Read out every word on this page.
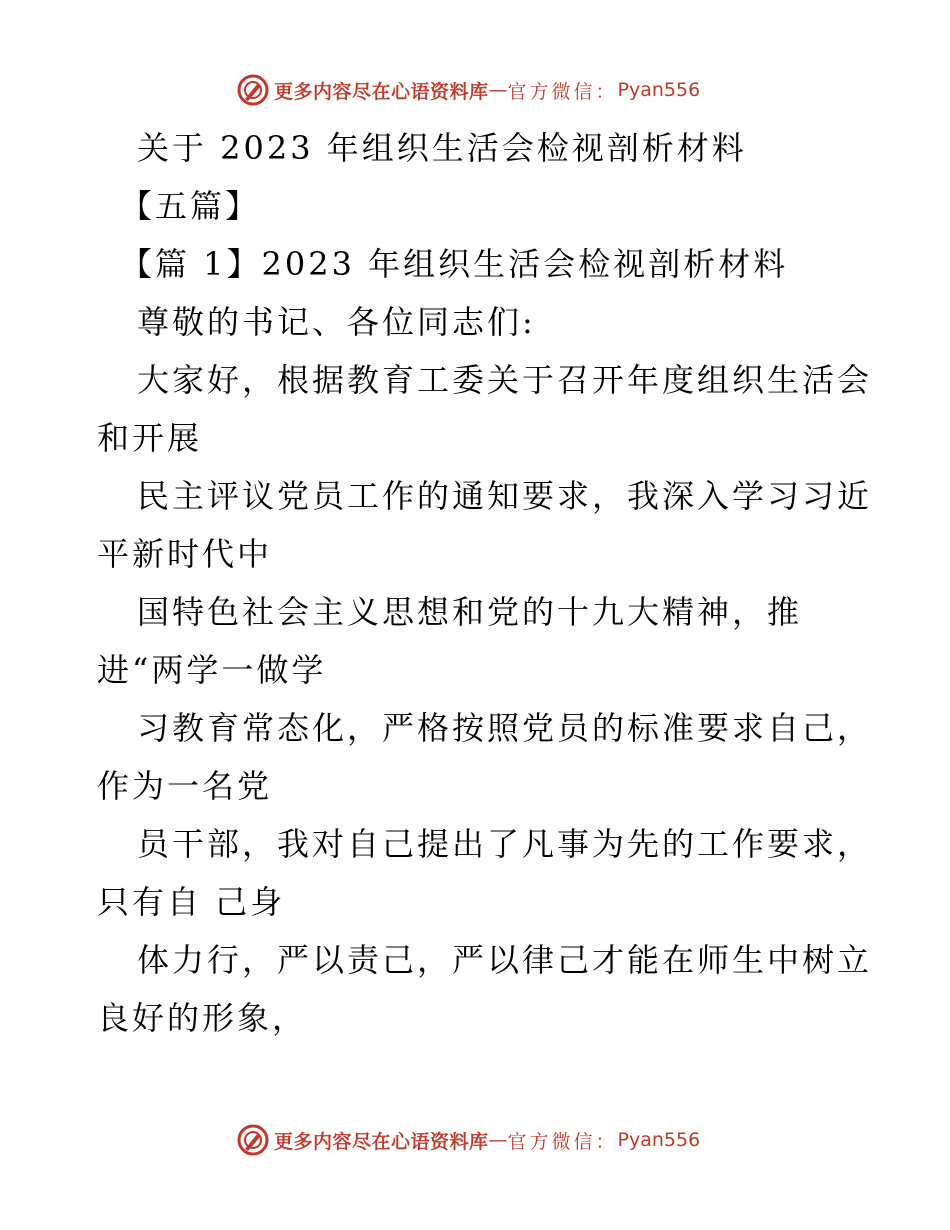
更多内容尽在心语资料库 — 官方微信： Pyan556
关于 2023 年组织生活会检视剖析材料
【五篇】
【篇 1】2023 年组织生活会检视剖析材料
尊敬的书记、各位同志们:
大家好，根据教育工委关于召开年度组织生活会
和开展
民主评议党员工作的通知要求，我深入学习习近
平新时代中
国特色社会主义思想和党的十九大精神，推
进“两学一做学
习教育常态化，严格按照党员的标准要求自己，
作为一名党
员干部，我对自己提出了凡事为先的工作要求，
只有自 己身
体力行，严以责己，严以律己才能在师生中树立
良好的形象，
更多内容尽在心语资料库 — 官方微信： Pyan556
